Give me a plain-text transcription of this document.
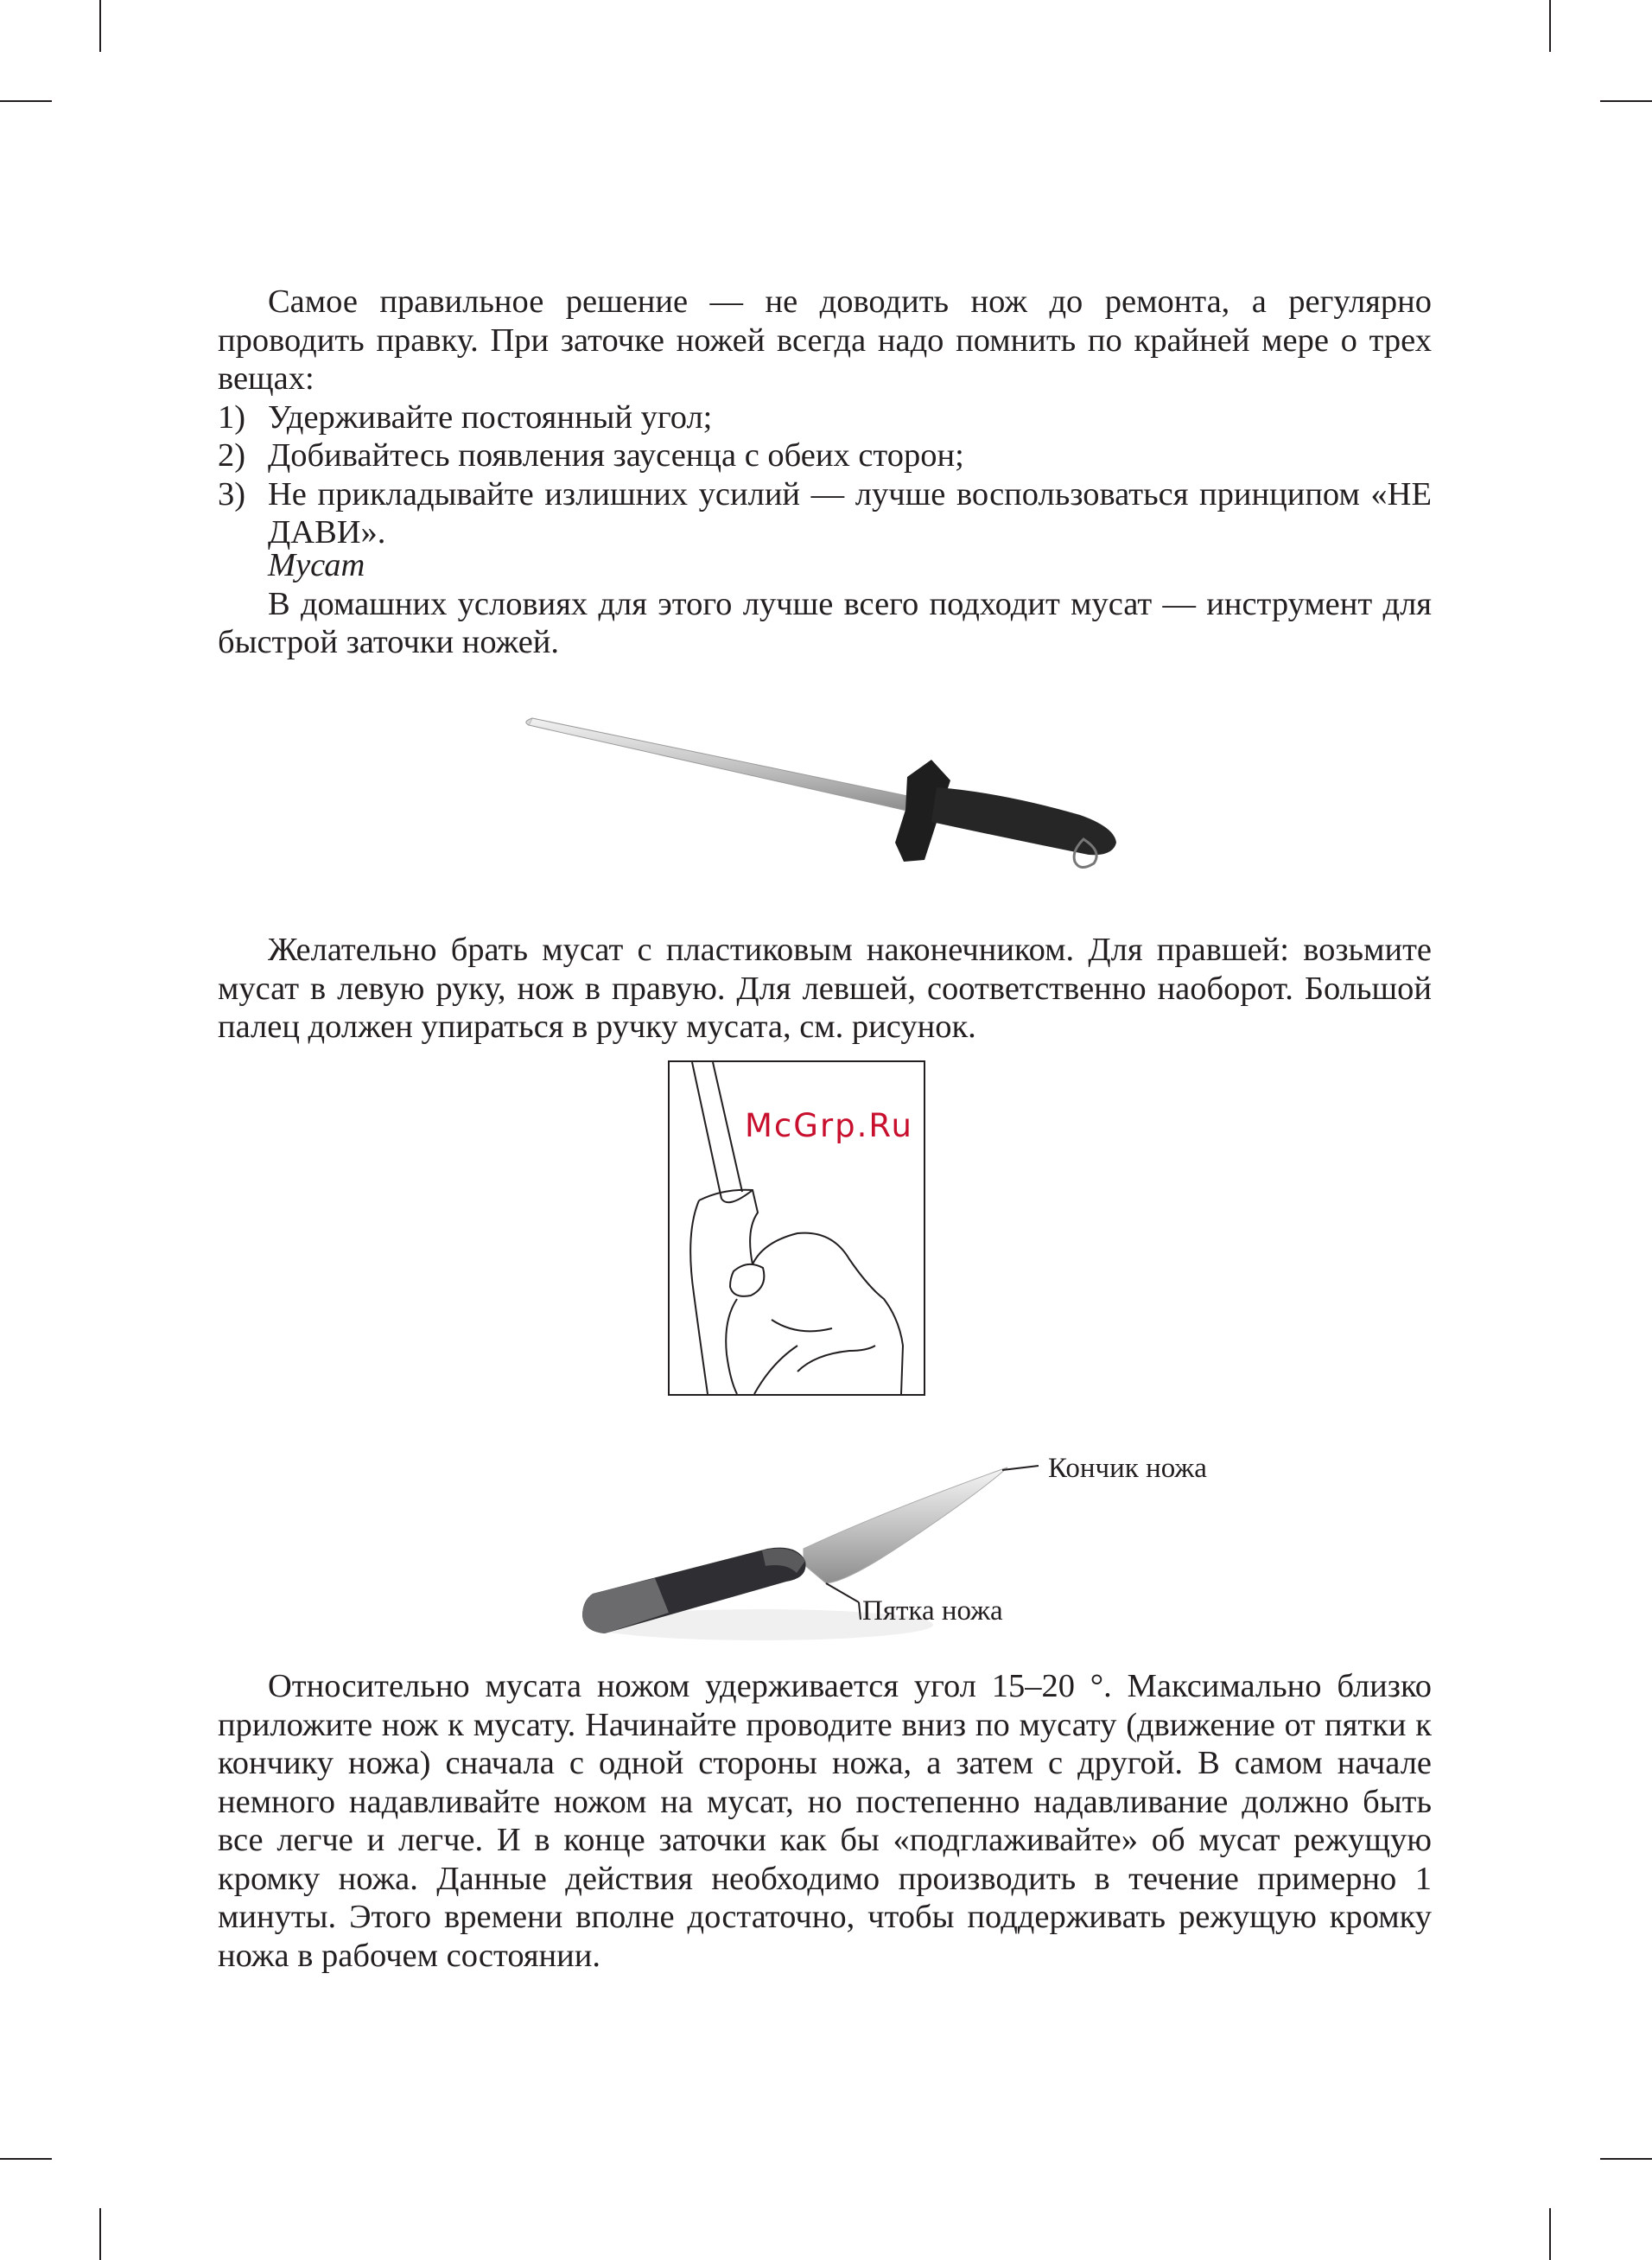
Самое правильное решение — не доводить нож до ремонта, а регулярно проводить правку. При заточке ножей всегда надо помнить по крайней мере о трех вещах:

1) Удерживайте постоянный угол;
2) Добивайтесь появления заусенца с обеих сторон;
3) Не прикладывайте излишних усилий — лучше воспользоваться принципом «НЕ ДАВИ».

Мусат

В домашних условиях для этого лучше всего подходит мусат — инструмент для быстрой заточки ножей.

Желательно брать мусат с пластиковым наконечником. Для правшей: возьмите мусат в левую руку, нож в правую. Для левшей, соответственно наоборот. Большой палец должен упираться в ручку мусата, см. рисунок.

McGrp.Ru
Кончик ножа
Пятка ножа

Относительно мусата ножом удерживается угол 15–20 °. Максимально близко приложите нож к мусату. Начинайте проводите вниз по мусату (движение от пятки к кончику ножа) сначала с одной стороны ножа, а затем с другой. В самом начале немного надавливайте ножом на мусат, но постепенно надавливание должно быть все легче и легче. И в конце заточки как бы «подглаживайте» об мусат режущую кромку ножа. Данные действия необходимо производить в течение примерно 1 минуты. Этого времени вполне достаточно, чтобы поддерживать режущую кромку ножа в рабочем состоянии.
